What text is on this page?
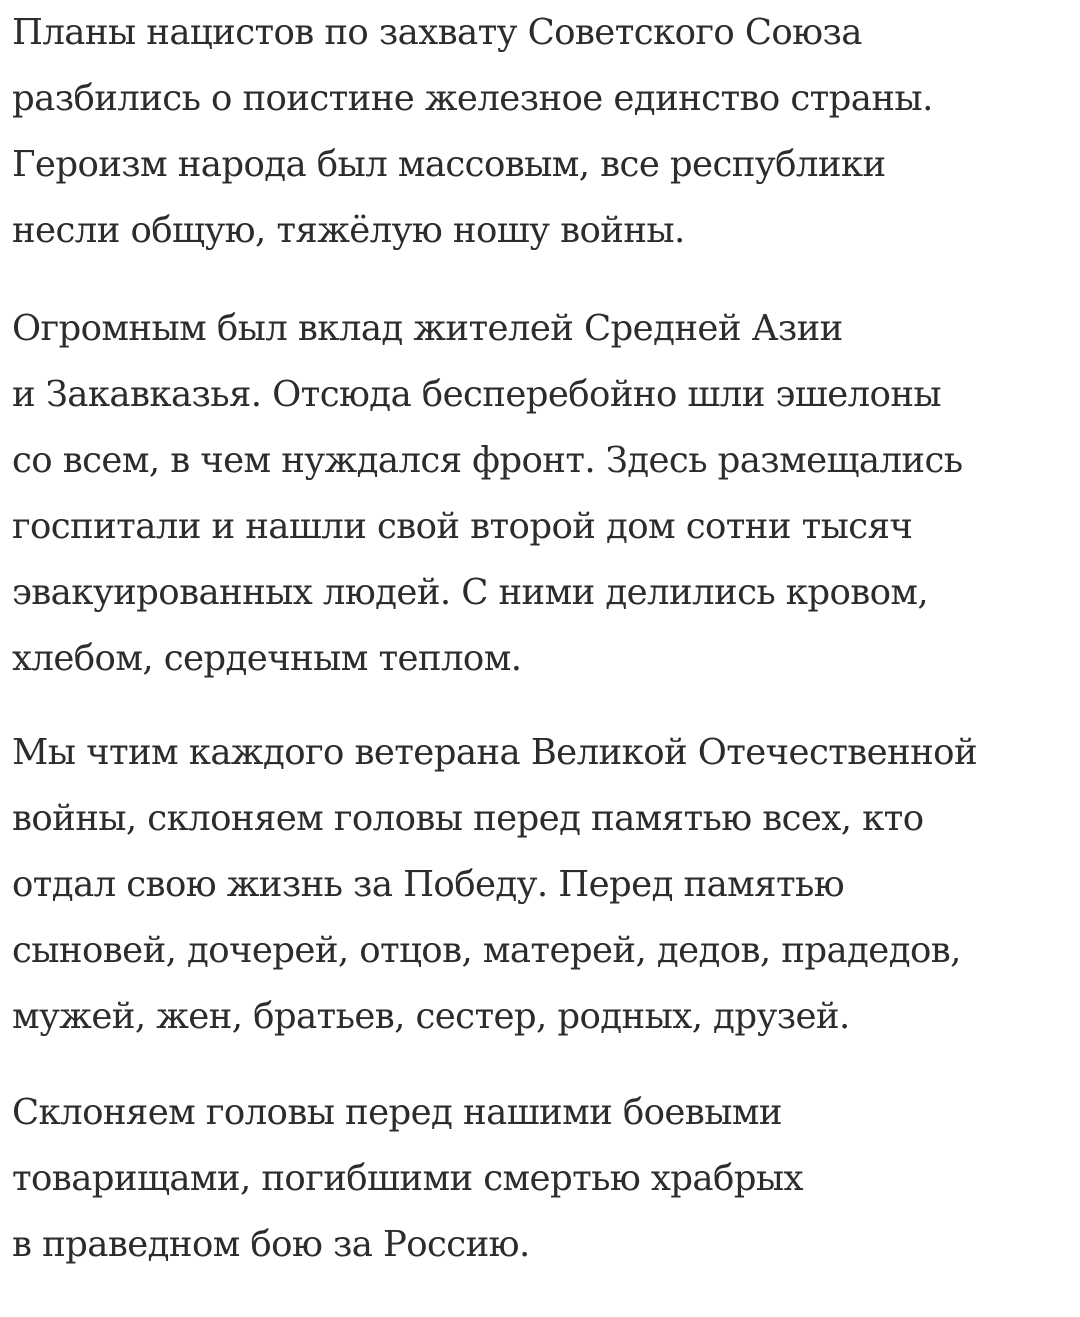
Планы нацистов по захвату Советского Союза
разбились о поистине железное единство страны.
Героизм народа был массовым, все республики
несли общую, тяжёлую ношу войны.

Огромным был вклад жителей Средней Азии
и Закавказья. Отсюда бесперебойно шли эшелоны
со всем, в чем нуждался фронт. Здесь размещались
госпитали и нашли свой второй дом сотни тысяч
эвакуированных людей. С ними делились кровом,
хлебом, сердечным теплом.

Мы чтим каждого ветерана Великой Отечественной
войны, склоняем головы перед памятью всех, кто
отдал свою жизнь за Победу. Перед памятью
сыновей, дочерей, отцов, матерей, дедов, прадедов,
мужей, жен, братьев, сестер, родных, друзей.

Склоняем головы перед нашими боевыми
товарищами, погибшими смертью храбрых
в
праведном бою за Россию.
